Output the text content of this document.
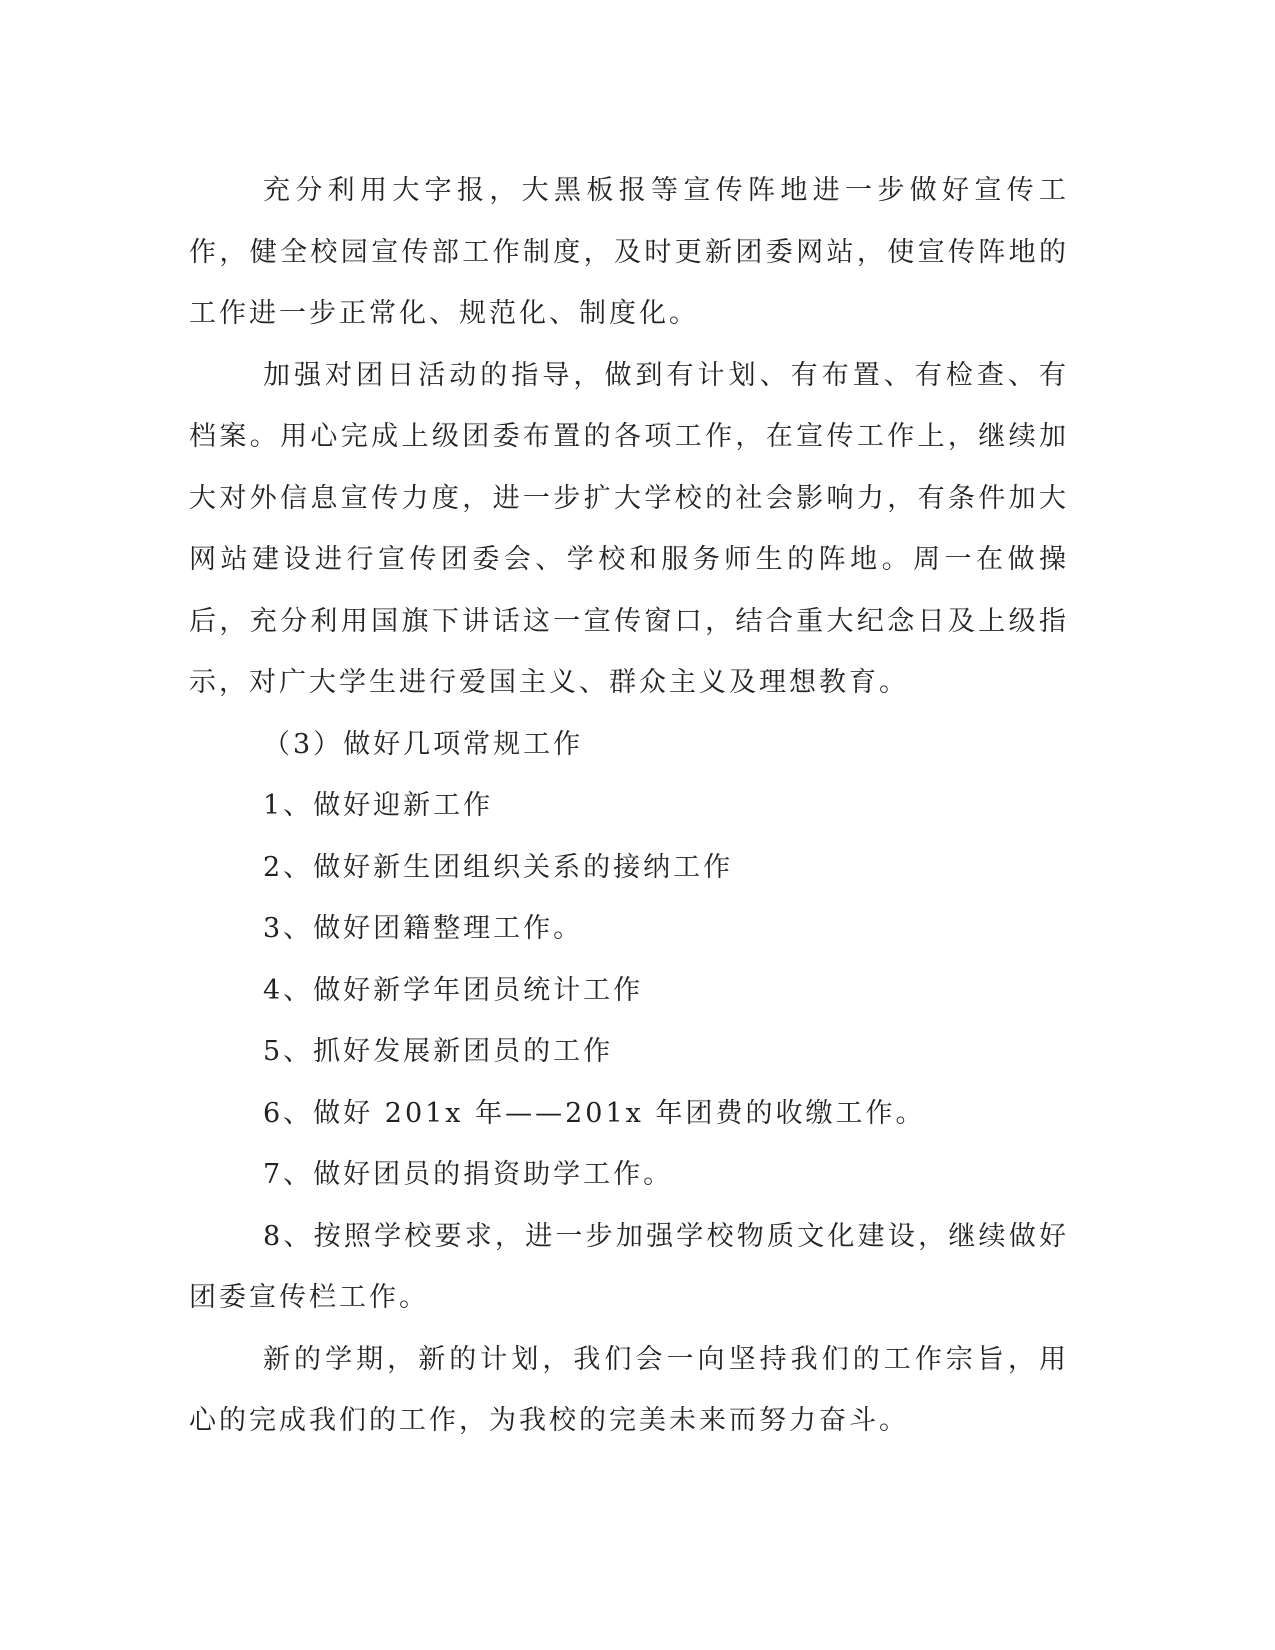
充分利用大字报，大黑板报等宣传阵地进一步做好宣传工作，健全校园宣传部工作制度，及时更新团委网站，使宣传阵地的工作进一步正常化、规范化、制度化。

加强对团日活动的指导，做到有计划、有布置、有检查、有档案。用心完成上级团委布置的各项工作，在宣传工作上，继续加大对外信息宣传力度，进一步扩大学校的社会影响力，有条件加大网站建设进行宣传团委会、学校和服务师生的阵地。周一在做操后，充分利用国旗下讲话这一宣传窗口，结合重大纪念日及上级指示，对广大学生进行爱国主义、群众主义及理想教育。

（3）做好几项常规工作

1、做好迎新工作

2、做好新生团组织关系的接纳工作

3、做好团籍整理工作。

4、做好新学年团员统计工作

5、抓好发展新团员的工作

6、做好 201x 年——201x 年团费的收缴工作。

7、做好团员的捐资助学工作。

8、按照学校要求，进一步加强学校物质文化建设，继续做好团委宣传栏工作。

新的学期，新的计划，我们会一向坚持我们的工作宗旨，用心的完成我们的工作，为我校的完美未来而努力奋斗。
